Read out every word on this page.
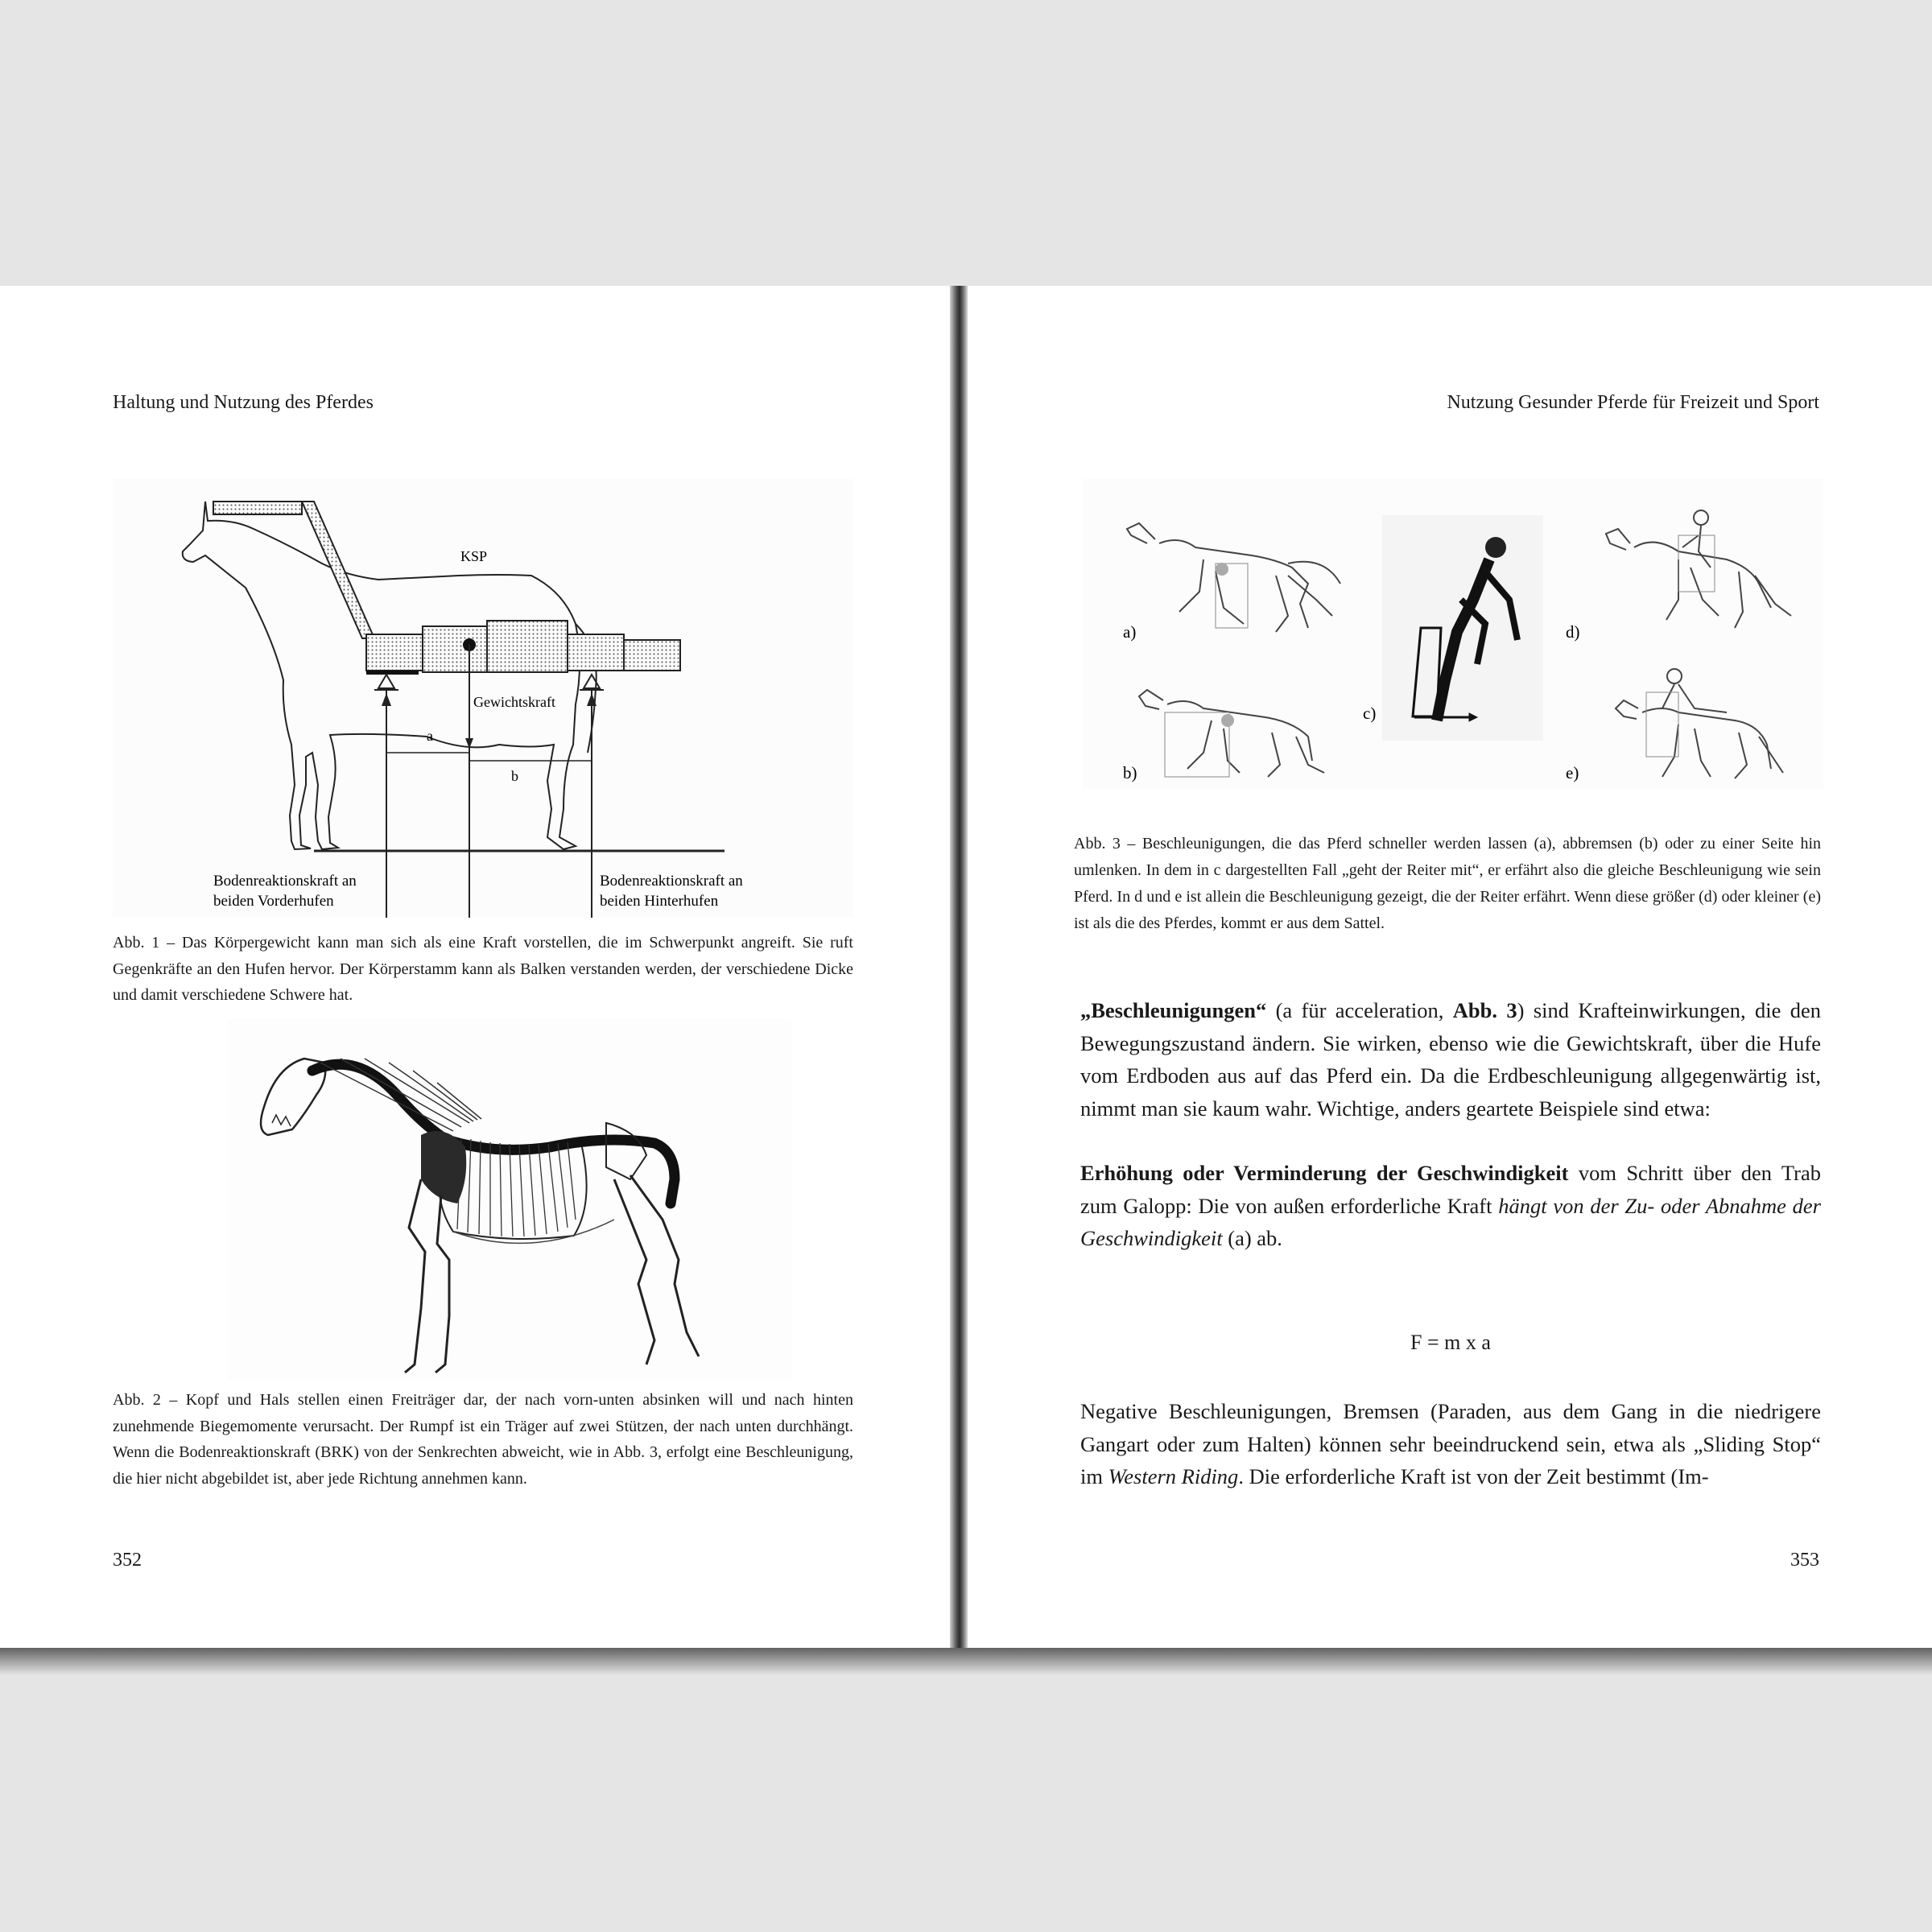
Haltung und Nutzung des Pferdes
KSP
Gewichtskraft
a
b
Bodenreaktionskraft an
beiden Vorderhufen
Bodenreaktionskraft an
beiden Hinterhufen
Abb. 1 – Das Körpergewicht kann man sich als eine Kraft vorstellen, die im Schwerpunkt angreift. Sie ruft Gegenkräfte an den Hufen hervor. Der Körperstamm kann als Balken verstanden werden, der verschiedene Dicke und damit verschiedene Schwere hat.
Abb. 2 – Kopf und Hals stellen einen Freiträger dar, der nach vorn-unten absinken will und nach hinten zunehmende Biegemomente verursacht. Der Rumpf ist ein Träger auf zwei Stützen, der nach unten durchhängt. Wenn die Bodenreaktionskraft (BRK) von der Senkrechten abweicht, wie in Abb. 3, erfolgt eine Beschleunigung, die hier nicht abgebildet ist, aber jede Richtung annehmen kann.
352
Nutzung Gesunder Pferde für Freizeit und Sport
a)
b)
c)
d)
e)
Abb. 3 – Beschleunigungen, die das Pferd schneller werden lassen (a), abbremsen (b) oder zu einer Seite hin umlenken. In dem in c dargestellten Fall „geht der Reiter mit“, er erfährt also die gleiche Beschleunigung wie sein Pferd. In d und e ist allein die Beschleunigung gezeigt, die der Reiter erfährt. Wenn diese größer (d) oder kleiner (e) ist als die des Pferdes, kommt er aus dem Sattel.

„Beschleunigungen“ (a für acceleration, Abb. 3) sind Krafteinwirkungen, die den Bewegungszustand ändern. Sie wirken, ebenso wie die Gewichtskraft, über die Hufe vom Erdboden aus auf das Pferd ein. Da die Erdbeschleunigung allgegenwärtig ist, nimmt man sie kaum wahr. Wichtige, anders geartete Beispiele sind etwa:

Erhöhung oder Verminderung der Geschwindigkeit vom Schritt über den Trab zum Galopp: Die von außen erforderliche Kraft hängt von der Zu- oder Abnahme der Geschwindigkeit (a) ab.

F = m x a

Negative Beschleunigungen, Bremsen (Paraden, aus dem Gang in die niedrigere Gangart oder zum Halten) können sehr beeindruckend sein, etwa als „Sliding Stop“ im Western Riding. Die erforderliche Kraft ist von der Zeit bestimmt (Im-

353
